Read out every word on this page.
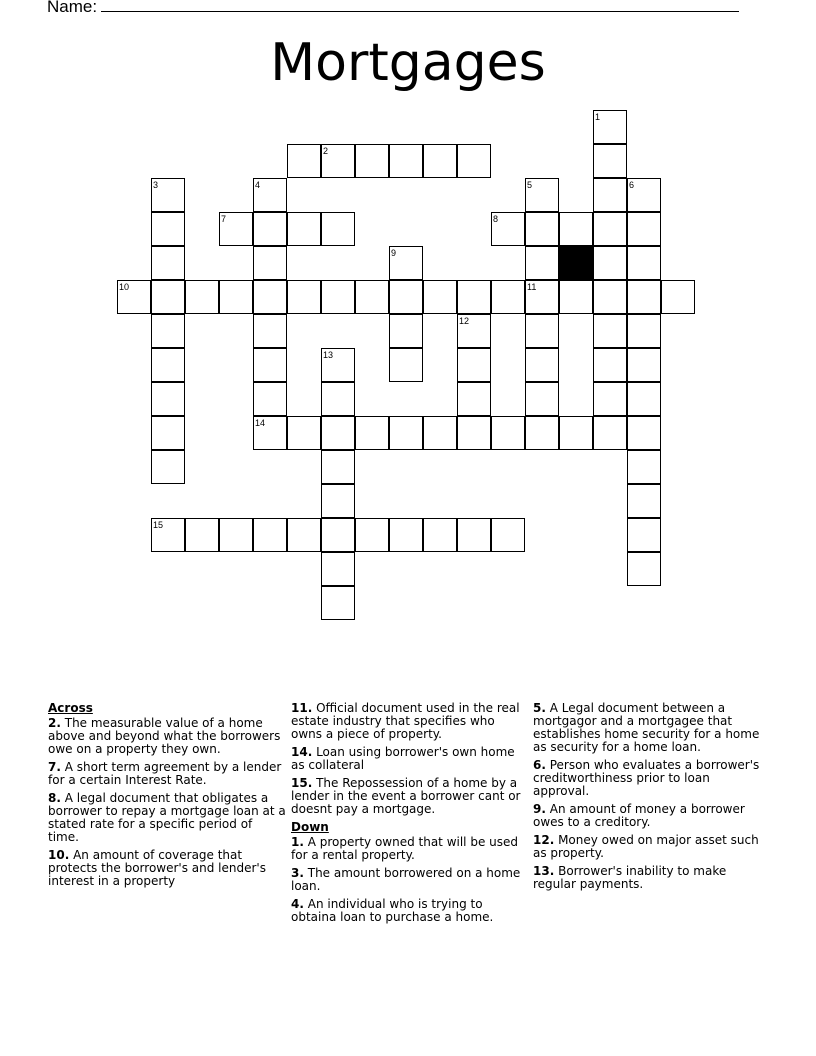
Name:
Mortgages
1
2
3	4	5	6
7	8
9
10	11
12
13
14
15
Across
2. The measurable value of a home above and beyond what the borrowers owe on a property they own.
7. A short term agreement by a lender for a certain Interest Rate.
8. A legal document that obligates a borrower to repay a mortgage loan at a stated rate for a specific period of time.
10. An amount of coverage that protects the borrower's and lender's interest in a property
11. Official document used in the real estate industry that specifies who owns a piece of property.
14. Loan using borrower's own home as collateral
15. The Repossession of a home by a lender in the event a borrower cant or doesnt pay a mortgage.
Down
1. A property owned that will be used for a rental property.
3. The amount borrowered on a home loan.
4. An individual who is trying to obtaina loan to purchase a home.
5. A Legal document between a mortgagor and a mortgagee that establishes home security for a home as security for a home loan.
6. Person who evaluates a borrower's creditworthiness prior to loan approval.
9. An amount of money a borrower owes to a creditory.
12. Money owed on major asset such as property.
13. Borrower's inability to make regular payments.
